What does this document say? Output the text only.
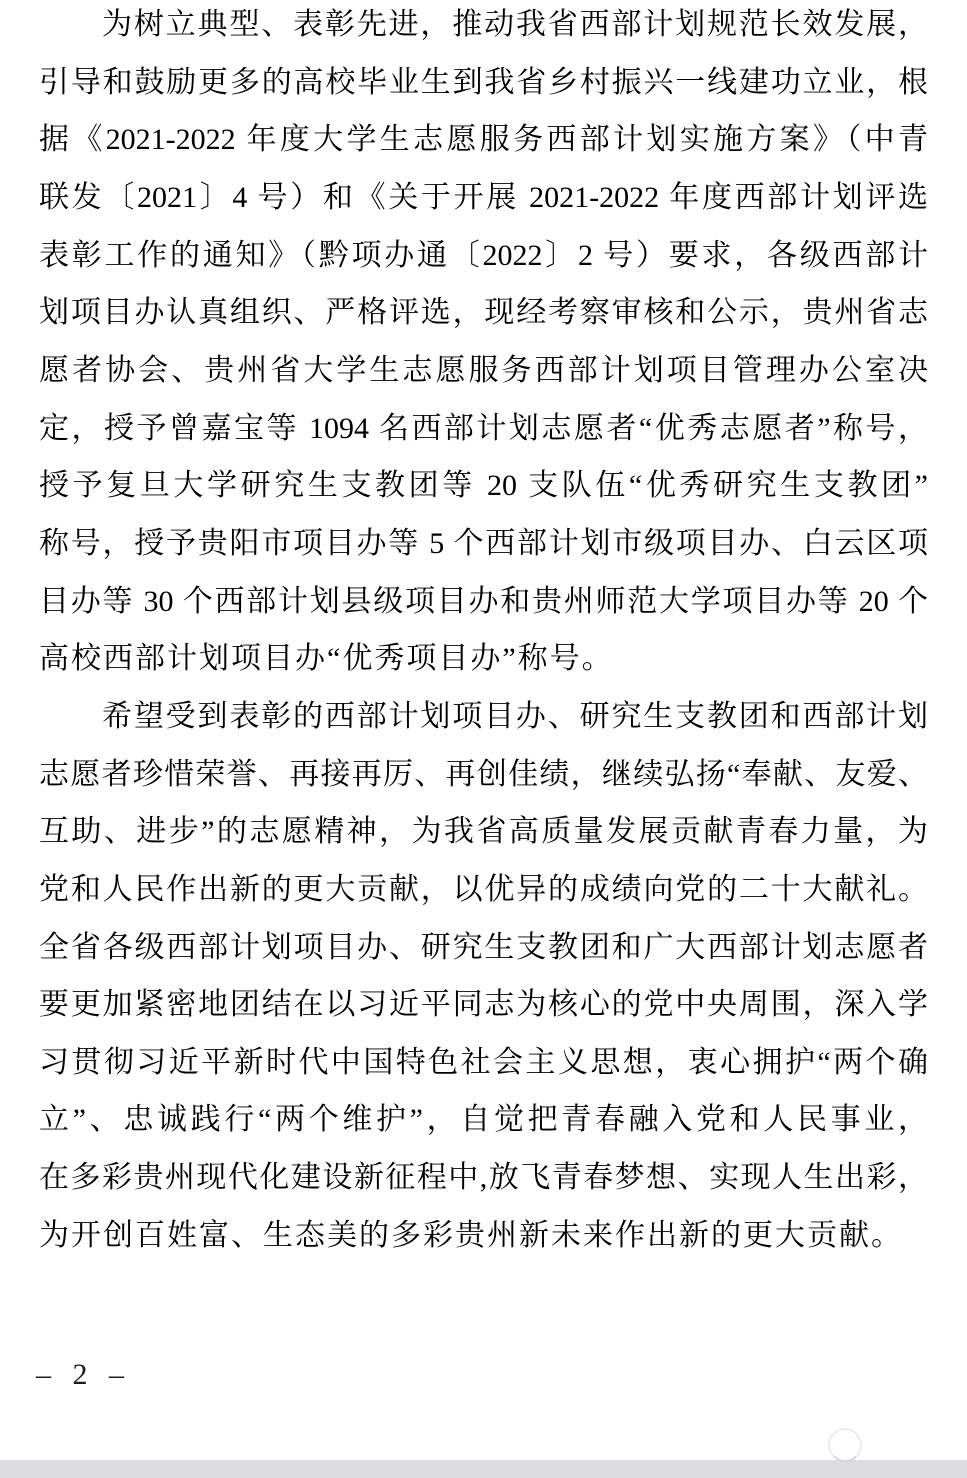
为树立典型、表彰先进，推动我省西部计划规范长效发展，
引导和鼓励更多的高校毕业生到我省乡村振兴一线建功立业，根
据《2021-2022 年度大学生志愿服务西部计划实施方案》（中青
联发〔2021〕4 号）和《关于开展 2021-2022 年度西部计划评选
表彰工作的通知》（黔项办通〔2022〕2 号）要求，各级西部计
划项目办认真组织、严格评选，现经考察审核和公示，贵州省志
愿者协会、贵州省大学生志愿服务西部计划项目管理办公室决
定，授予曾嘉宝等 1094 名西部计划志愿者“优秀志愿者”称号，
授予复旦大学研究生支教团等 20 支队伍“优秀研究生支教团”
称号，授予贵阳市项目办等 5 个西部计划市级项目办、白云区项
目办等 30 个西部计划县级项目办和贵州师范大学项目办等 20 个
高校西部计划项目办“优秀项目办”称号。
希望受到表彰的西部计划项目办、研究生支教团和西部计划
志愿者珍惜荣誉、再接再厉、再创佳绩，继续弘扬“奉献、友爱、
互助、进步”的志愿精神，为我省高质量发展贡献青春力量，为
党和人民作出新的更大贡献，以优异的成绩向党的二十大献礼。
全省各级西部计划项目办、研究生支教团和广大西部计划志愿者
要更加紧密地团结在以习近平同志为核心的党中央周围，深入学
习贯彻习近平新时代中国特色社会主义思想，衷心拥护“两个确
立”、忠诚践行“两个维护”，自觉把青春融入党和人民事业，
在多彩贵州现代化建设新征程中,放飞青春梦想、实现人生出彩，
为开创百姓富、生态美的多彩贵州新未来作出新的更大贡献。
– 2 –
